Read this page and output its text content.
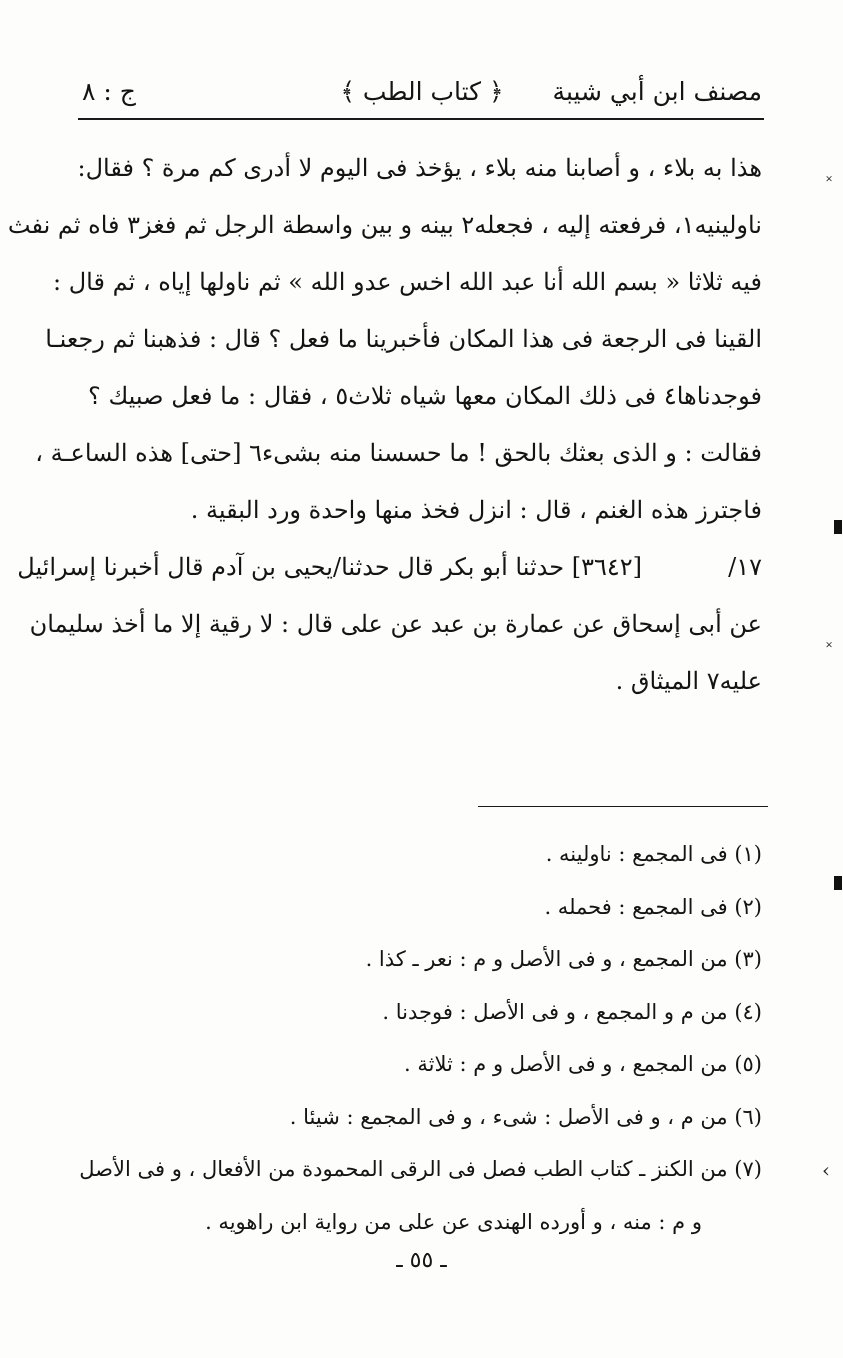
مصنف ابن أبي شيبة
﴿ كتاب الطب ﴾
ج : ٨
هذا به بلاء ، و أصابنا منه بلاء ، يؤخذ فى اليوم لا أدرى كم مرة ؟ فقال:
ناولينيه١، فرفعته إليه ، فجعله٢ بينه و بين واسطة الرجل ثم فغز٣ فاه ثم نفث
فيه ثلاثا « بسم الله أنا عبد الله اخس عدو الله » ثم ناولها إياه ، ثم قال :
القينا فى الرجعة فى هذا المكان فأخبرينا ما فعل ؟ قال : فذهبنا ثم رجعنـا
فوجدناها٤ فى ذلك المكان معها شياه ثلاث٥ ، فقال : ما فعل صبيك ؟
فقالت : و الذى بعثك بالحق ! ما حسسنا منه بشىء٦ [حتى] هذه الساعـة ،
فاجترز هذه الغنم ، قال : انزل فخذ منها واحدة ورد البقية .
١٧/
[٣٦٤٢] حدثنا أبو بكر قال حدثنا/يحيى بن آدم قال أخبرنا إسرائيل
عن أبى إسحاق عن عمارة بن عبد عن على قال : لا رقية إلا ما أخذ سليمان
عليه٧ الميثاق .
(١) فى المجمع : ناولينه .
(٢) فى المجمع : فحمله .
(٣) من المجمع ، و فى الأصل و م : نعر ـ كذا .
(٤) من م و المجمع ، و فى الأصل : فوجدنا .
(٥) من المجمع ، و فى الأصل و م : ثلاثة .
(٦) من م ، و فى الأصل : شىء ، و فى المجمع : شيئا .
(٧) من الكنز ـ كتاب الطب فصل فى الرقى المحمودة من الأفعال ، و فى الأصل
و م : منه ، و أورده الهندى عن على من رواية ابن راهويه .
ـ ٥٥ ـ
˟
˟
‹
